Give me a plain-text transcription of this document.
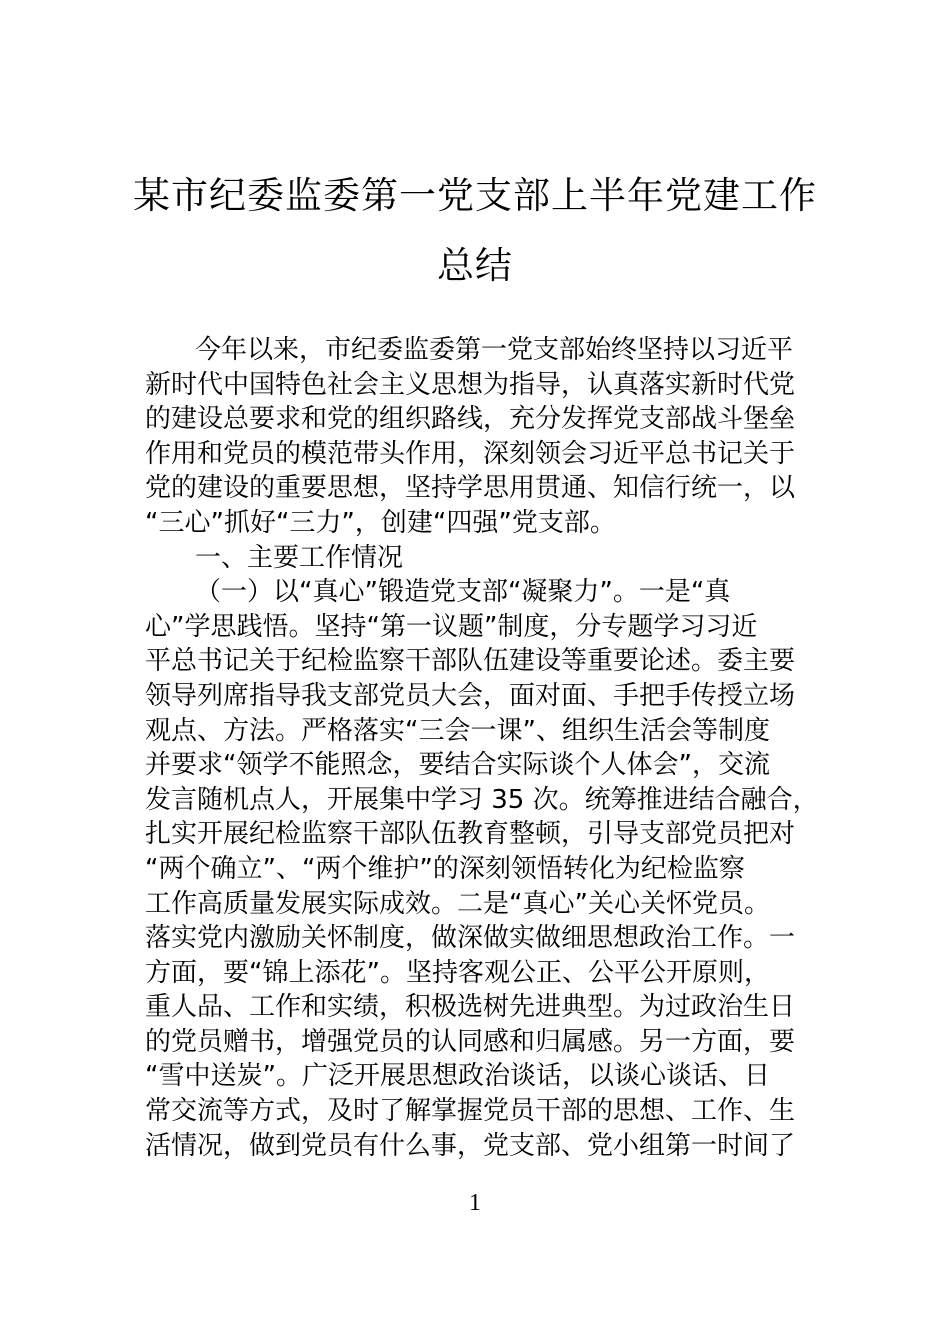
某市纪委监委第一党支部上半年党建工作
总结

今年以来，市纪委监委第一党支部始终坚持以习近平

新时代中国特色社会主义思想为指导，认真落实新时代党

的建设总要求和党的组织路线，充分发挥党支部战斗堡垒

作用和党员的模范带头作用，深刻领会习近平总书记关于

党的建设的重要思想，坚持学思用贯通、知信行统一，以

“三心”抓好“三力”，创建“四强”党支部。

一、主要工作情况

（一）以“真心”锻造党支部“凝聚力”。一是“真

心”学思践悟。坚持“第一议题”制度，分专题学习习近

平总书记关于纪检监察干部队伍建设等重要论述。委主要

领导列席指导我支部党员大会，面对面、手把手传授立场

观点、方法。严格落实“三会一课”、组织生活会等制度

并要求“领学不能照念，要结合实际谈个人体会”，交流

发言随机点人，开展集中学习 35 次。统筹推进结合融合，

扎实开展纪检监察干部队伍教育整顿，引导支部党员把对

“两个确立”、“两个维护”的深刻领悟转化为纪检监察

工作高质量发展实际成效。二是“真心”关心关怀党员。

落实党内激励关怀制度，做深做实做细思想政治工作。一

方面，要“锦上添花”。坚持客观公正、公平公开原则，

重人品、工作和实绩，积极选树先进典型。为过政治生日

的党员赠书，增强党员的认同感和归属感。另一方面，要

“雪中送炭”。广泛开展思想政治谈话，以谈心谈话、日

常交流等方式，及时了解掌握党员干部的思想、工作、生

活情况，做到党员有什么事，党支部、党小组第一时间了

1
